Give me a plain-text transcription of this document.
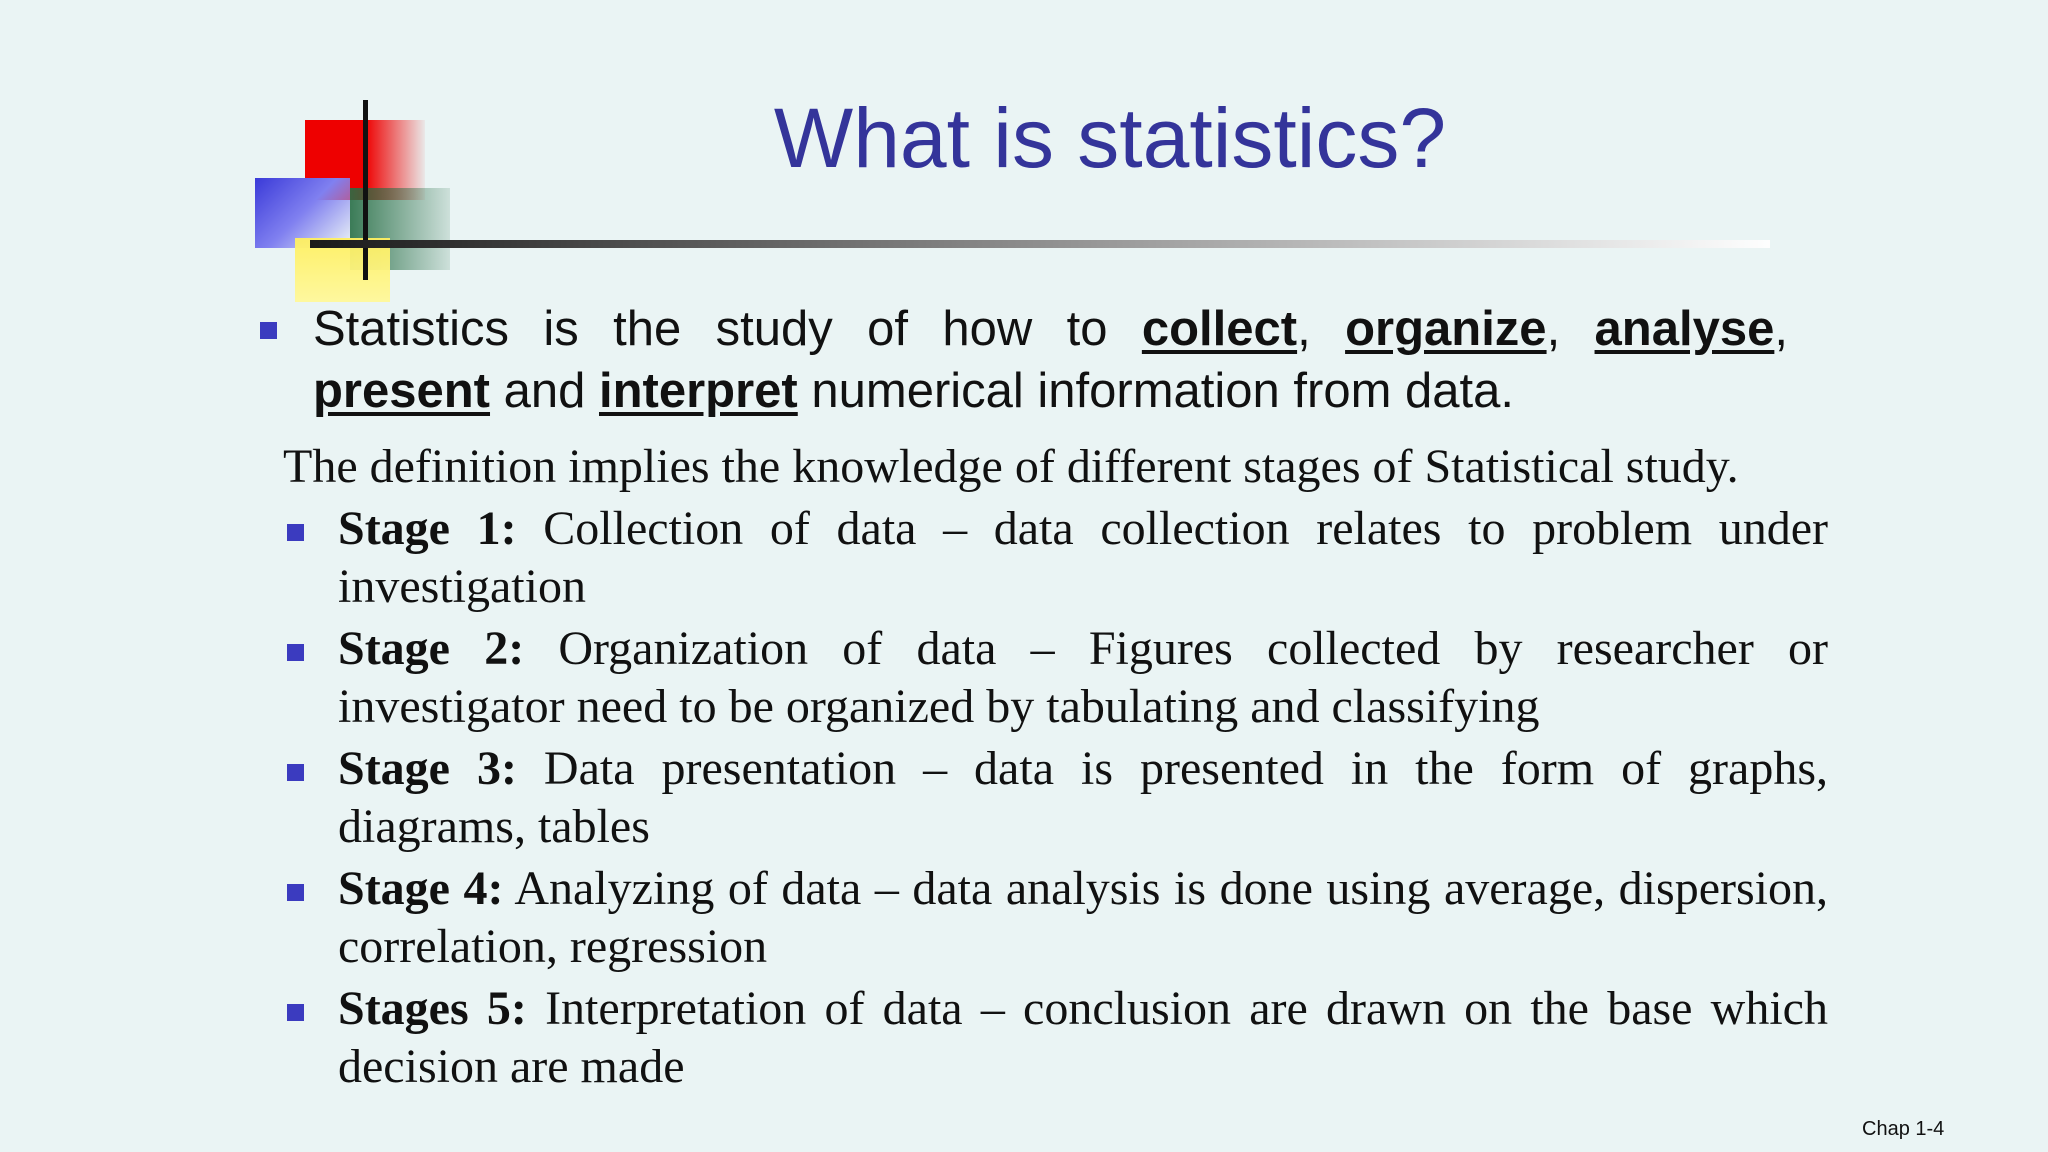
What is statistics?
Statistics is the study of how to collect, organize, analyse, present and interpret numerical information from data.
The definition implies the knowledge of different stages of Statistical study.
Stage 1: Collection of data – data collection relates to problem under investigation
Stage 2: Organization of data – Figures collected by researcher or investigator need to be organized by tabulating and classifying
Stage 3: Data presentation – data is presented in the form of graphs, diagrams, tables
Stage 4: Analyzing of data – data analysis is done using average, dispersion, correlation, regression
Stages 5: Interpretation of data – conclusion are drawn on the base which decision are made
Chap 1-4
